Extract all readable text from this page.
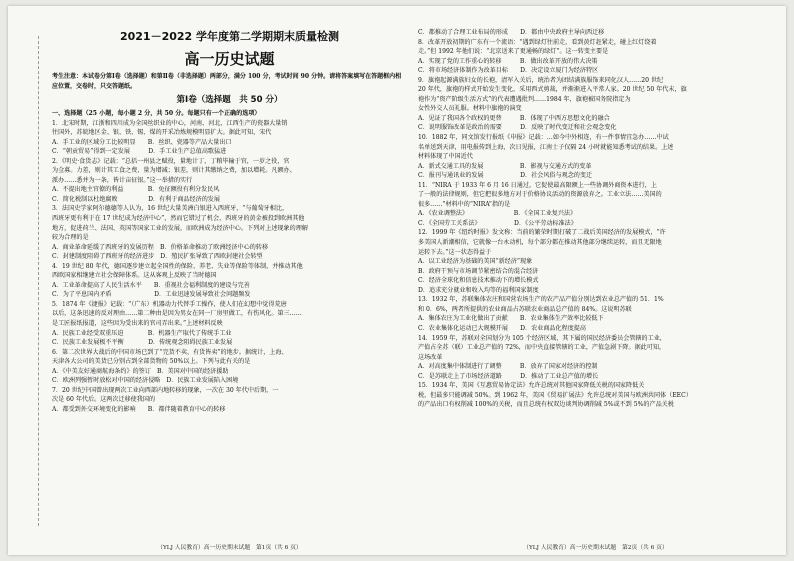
2021－2022 学年度第二学期期末质量检测
高一历史试题
考生注意：本试卷分第Ⅰ卷（选择题）和第Ⅱ卷（非选择题）两部分，满分 100 分，考试时间 90 分钟。请将答案填写在答题框内相应位置，交卷时，只交答题纸。
第Ⅰ卷（选择题　共 50 分）
一、选择题（25 小题，每小题 2 分，共 50 分。每题只有一个正确的选项）

1．北宋时期，江浙和四川成为全国丝织业的中心，河南、河北、江西生产的瓷器大量销

往国外，苏皖地区金、银、铁、锡、煤的开采冶炼规模明显扩大。据此可知，宋代

A．手工业的区域分工比较明显　　B．丝织、瓷器等产品大量出口

C．“朝贡贸易”得到一定发展　　　D．手工业生产总值高歌猛进

2．《明史·食货志》记载：“总括一州县之赋役，量地计丁，丁粮毕输于官，一岁之役，官

为佥募。力差，则计其工食之费，量为增减；银差，则计其缴纳之费，加以增耗。凡额办、

派办……悉并为一条，皆计亩征银。”这一举措的实行

A．不提出地主官僚的利益　　　　B．免征额役有利分发民风

C．简化税制以杜绝腐败　　　　　D．有利于商品经济的发展

3．法国史学家阿尔德德等人认为，16 世纪大量美洲白银进入西班牙，“与葡萄牙相比，

西班牙更有利于在 17 世纪成为经济中心”，然而它错过了机会，西班牙的黄金被投到欧洲其他

地方，促进荷兰、法国、英国等国家工业的发展，而欧洲成为经济中心。下列对上述现象的理解

较为合理的是

A．商业革命延缓了西班牙的发展历程　B．价格革命推动了欧洲经济中心的转移

C．封建制度阻碍了西班牙的经济进步　D．殖民扩张导致了西欧封建社会转型

4．19 世纪 80 年代，德国逐步建立起全国性的保险、养老、失业等保险等体制，并推动其他

西欧国家相继建立社会保障体系。这从客观上反映了当时德国

A．工业革命提高了人民生活水平　　B．重视社会福利制度的建设与完善

C．为了平息国内矛盾　　　　　　　D．工业迅速发展导致社会问题频发

5．1874 年《捷报》记载：“（广东）机器动力代替手工操作，使人们在幻想中觉得荒唐

以后，这条迅速的反对理由……第二种由是因为男女在同一厂房里做工，有伤风化。第三……

是工匠报纸报道，这些因为受出来的官司弄出来。”上述材料反映

A．民族工业经受双重压迫　　　　B．机器生产取代了传统手工业

C．民族工业发展极不平衡　　　　D．传统观念阻碍民族工业发展

6．第二次世界大战后的中国市场已到了“完货不卖，有货皆卖”的地步。据统计，上海、

天津各大公司的美货已分别占到全部货物的 50%以上。下列与此有关的是

A．《中美友好通商航海条约》的签订　B．美国对中国的经济援助

C．欧洲列强暂时放松对中国的经济侵略　D．民族工业发展陷入困境

7．20 世纪中国曾出现两次工业向西部内地转移的现象，一次在 30 年代中后期，一

次是 60 年代后。这两次迁移使我国的

A．都受到外交环境变化的影响　　B．都伴随着教育中心的转移

C．都推动了合理工业布局的形成　　D．都由中央政府主导向西迁移

8．改革开放初期的广东有一个流语：“遇到绿灯往前走，看到黄灯赶紧走，碰上红灯绕着

走。”但 1992 年他们说：“北京送来了更通畅的绿灯”。这一转变主要是

A．实现了党的工作重心的转移　　　B．做出改革开放的伟大决策

C．将市场经济体制作为改革目标　　D．决定设立厦门为经济特区

9．旗袍起源满族妇女的长袍，清军入关后，统治者为团结满族服饰来同化汉人……20 世纪

20 年代，旗袍的样式开始发生变化，采用西式剪裁，并渐渐进入平常人家。20 世纪 50 年代末，旗

袍作为“资产阶级生活方式”的代表遭遇批判……1984 年，旗袍被国务院指定为

女性外交人员礼服。材料中旗袍的演变

A．见证了我国各个政权的更替　　　B．体现了中西方思想文化的融合

C．说明服饰改革是政治的需要　　　D．反映了时代变迁和社会观念变化

10．1882 年，同文馆发行报纸《申报》记载：…如今中外相连，有一件事情宜急办……中试

名单送到天津，用电报传到上海，次日见报，江南士子仅隔 24 小时就能知悉考试的结果。上述

材料体现了中国近代

A．新式交通工具的发展　　　　　　B．影视与交通方式的变革

C．报刊与通讯业的发展　　　　　　D．社会风俗与观念的变迁

11．“NIRA 于 1933 年 6 月 16 日通过，它促使最高限额上一些协调外商资本进行，上

了一般的法律规则，但它把很多地方对于价格协议活动的资源放弃之。工业立法……美国的

很多……”材料中的“NIRA”指的是

A．《农业调整法》　　　　　　　　B．《全国工业复兴法》

C．《全国劳工关系法》　　　　　　D．《公平劳动标准法》

12．1999 年《纽约时报》发文称：当前的繁荣时期打破了二战后美国经济的发展模式，“许

多美国人新潮相信，它就像一台永动机，每个部分都在推动其他部分继续运转，而且无限地

运转下去。”这一状态得益于

A．以工业经济为基础的美国“新经济”现象

B．政府干预与市场调节紧密结合的混合经济

C．经济全球化和信息技术推动下的增长模式

D．追求充分就业和收入均等的福利国家制度

13．1932 年，苏联集体农庄和国营农场生产的农产品产值分别达到农业总产值的 51．1%

和 0．6%，两者所提供的农业商品占苏联农业商品总产值的 84%。这说明苏联

A．集体农庄为工业化做出了贡献　　B．农业集体生产效率比较低下

C．农业集体化运动已大规模开展　　D．农业商品化程度提高

14．1959 年，苏联对全国划分为 105 个经济区域，其下属的国民经济委员会管辖的工业，

产值占全苏（联）工业总产值的 72%，而中央直接管辖的工业，产值急剧下降。据此可知，

这场改革

A．对高度集中体制进行了调整　　　B．放弃了国家对经济的控制

C．是苏联走上了市场经济道路　　　D．推动了工业总产值的增长

15．1934 年，美国《互惠贸易协定法》允许总统对其他国家降低关税的国家降低关

税，但最多只能调减 50%。到 1962 年，美国《贸易扩展法》允许总统对美国与欧洲共同体（EEC）

的产品出口有权削减 100%的关税，而且总统有权双边谈判协调削减 5%或不到 5%的产品关税

（YLJ 人民教育）高一历史期末试题　第1页（共 6 页）	（YLJ 人民教育）高一历史期末试题　第2页（共 6 页）
